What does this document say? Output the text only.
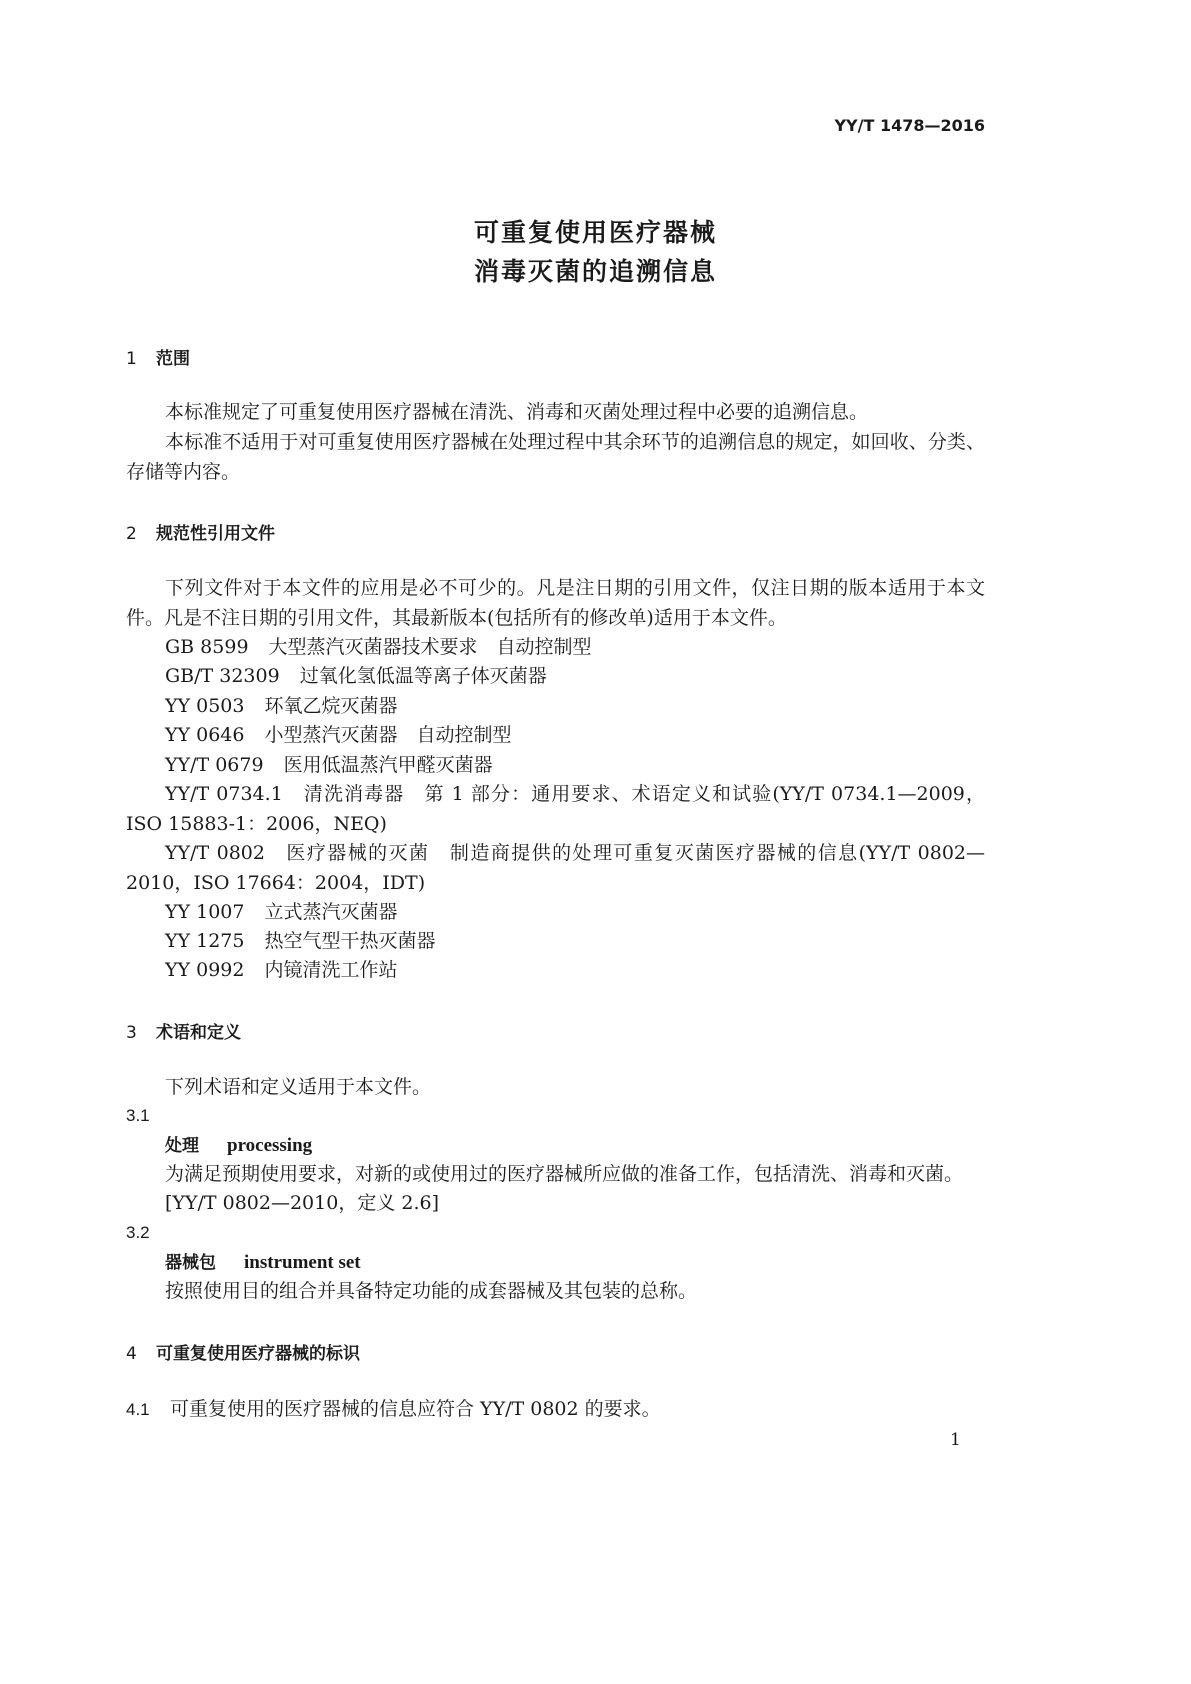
YY/T 1478—2016
可重复使用医疗器械
消毒灭菌的追溯信息
1 范围
本标准规定了可重复使用医疗器械在清洗、消毒和灭菌处理过程中必要的追溯信息。
本标准不适用于对可重复使用医疗器械在处理过程中其余环节的追溯信息的规定，如回收、分类、存储等内容。
2 规范性引用文件
下列文件对于本文件的应用是必不可少的。凡是注日期的引用文件，仅注日期的版本适用于本文件。凡是不注日期的引用文件，其最新版本(包括所有的修改单)适用于本文件。
GB 8599 大型蒸汽灭菌器技术要求　自动控制型
GB/T 32309 过氧化氢低温等离子体灭菌器
YY 0503 环氧乙烷灭菌器
YY 0646 小型蒸汽灭菌器　自动控制型
YY/T 0679 医用低温蒸汽甲醛灭菌器
YY/T 0734.1 清洗消毒器　第 1 部分：通用要求、术语定义和试验(YY/T 0734.1—2009，ISO 15883-1：2006，NEQ)
YY/T 0802 医疗器械的灭菌　制造商提供的处理可重复灭菌医疗器械的信息(YY/T 0802—2010，ISO 17664：2004，IDT)
YY 1007 立式蒸汽灭菌器
YY 1275 热空气型干热灭菌器
YY 0992 内镜清洗工作站
3 术语和定义
下列术语和定义适用于本文件。
3.1
处理 processing
为满足预期使用要求，对新的或使用过的医疗器械所应做的准备工作，包括清洗、消毒和灭菌。
[YY/T 0802—2010，定义 2.6]
3.2
器械包 instrument set
按照使用目的组合并具备特定功能的成套器械及其包装的总称。
4 可重复使用医疗器械的标识
4.1 可重复使用的医疗器械的信息应符合 YY/T 0802 的要求。
1
